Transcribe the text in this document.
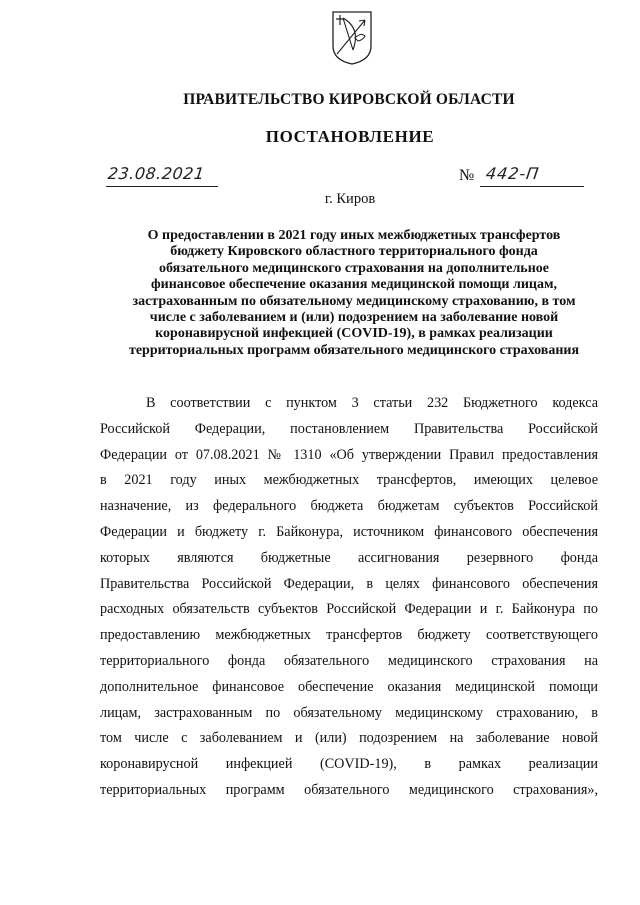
ПРАВИТЕЛЬСТВО КИРОВСКОЙ ОБЛАСТИ
ПОСТАНОВЛЕНИЕ
23.08.2021	№ 442-П
г. Киров
О предоставлении в 2021 году иных межбюджетных трансфертов
бюджету Кировского областного территориального фонда
обязательного медицинского страхования на дополнительное
финансовое обеспечение оказания медицинской помощи лицам,
застрахованным по обязательному медицинскому страхованию, в том
числе с заболеванием и (или) подозрением на заболевание новой
коронавирусной инфекцией (COVID-19), в рамках реализации
территориальных программ обязательного медицинского страхования
В соответствии с пунктом 3 статьи 232 Бюджетного кодекса
Российской Федерации, постановлением Правительства Российской
Федерации от 07.08.2021 № 1310 «Об утверждении Правил предоставления
в 2021 году иных межбюджетных трансфертов, имеющих целевое
назначение, из федерального бюджета бюджетам субъектов Российской
Федерации и бюджету г. Байконура, источником финансового обеспечения
которых являются бюджетные ассигнования резервного фонда
Правительства Российской Федерации, в целях финансового обеспечения
расходных обязательств субъектов Российской Федерации и г. Байконура по
предоставлению межбюджетных трансфертов бюджету соответствующего
территориального фонда обязательного медицинского страхования на
дополнительное финансовое обеспечение оказания медицинской помощи
лицам, застрахованным по обязательному медицинскому страхованию, в
том числе с заболеванием и (или) подозрением на заболевание новой
коронавирусной инфекцией (COVID-19), в рамках реализации
территориальных программ обязательного медицинского страхования»,
